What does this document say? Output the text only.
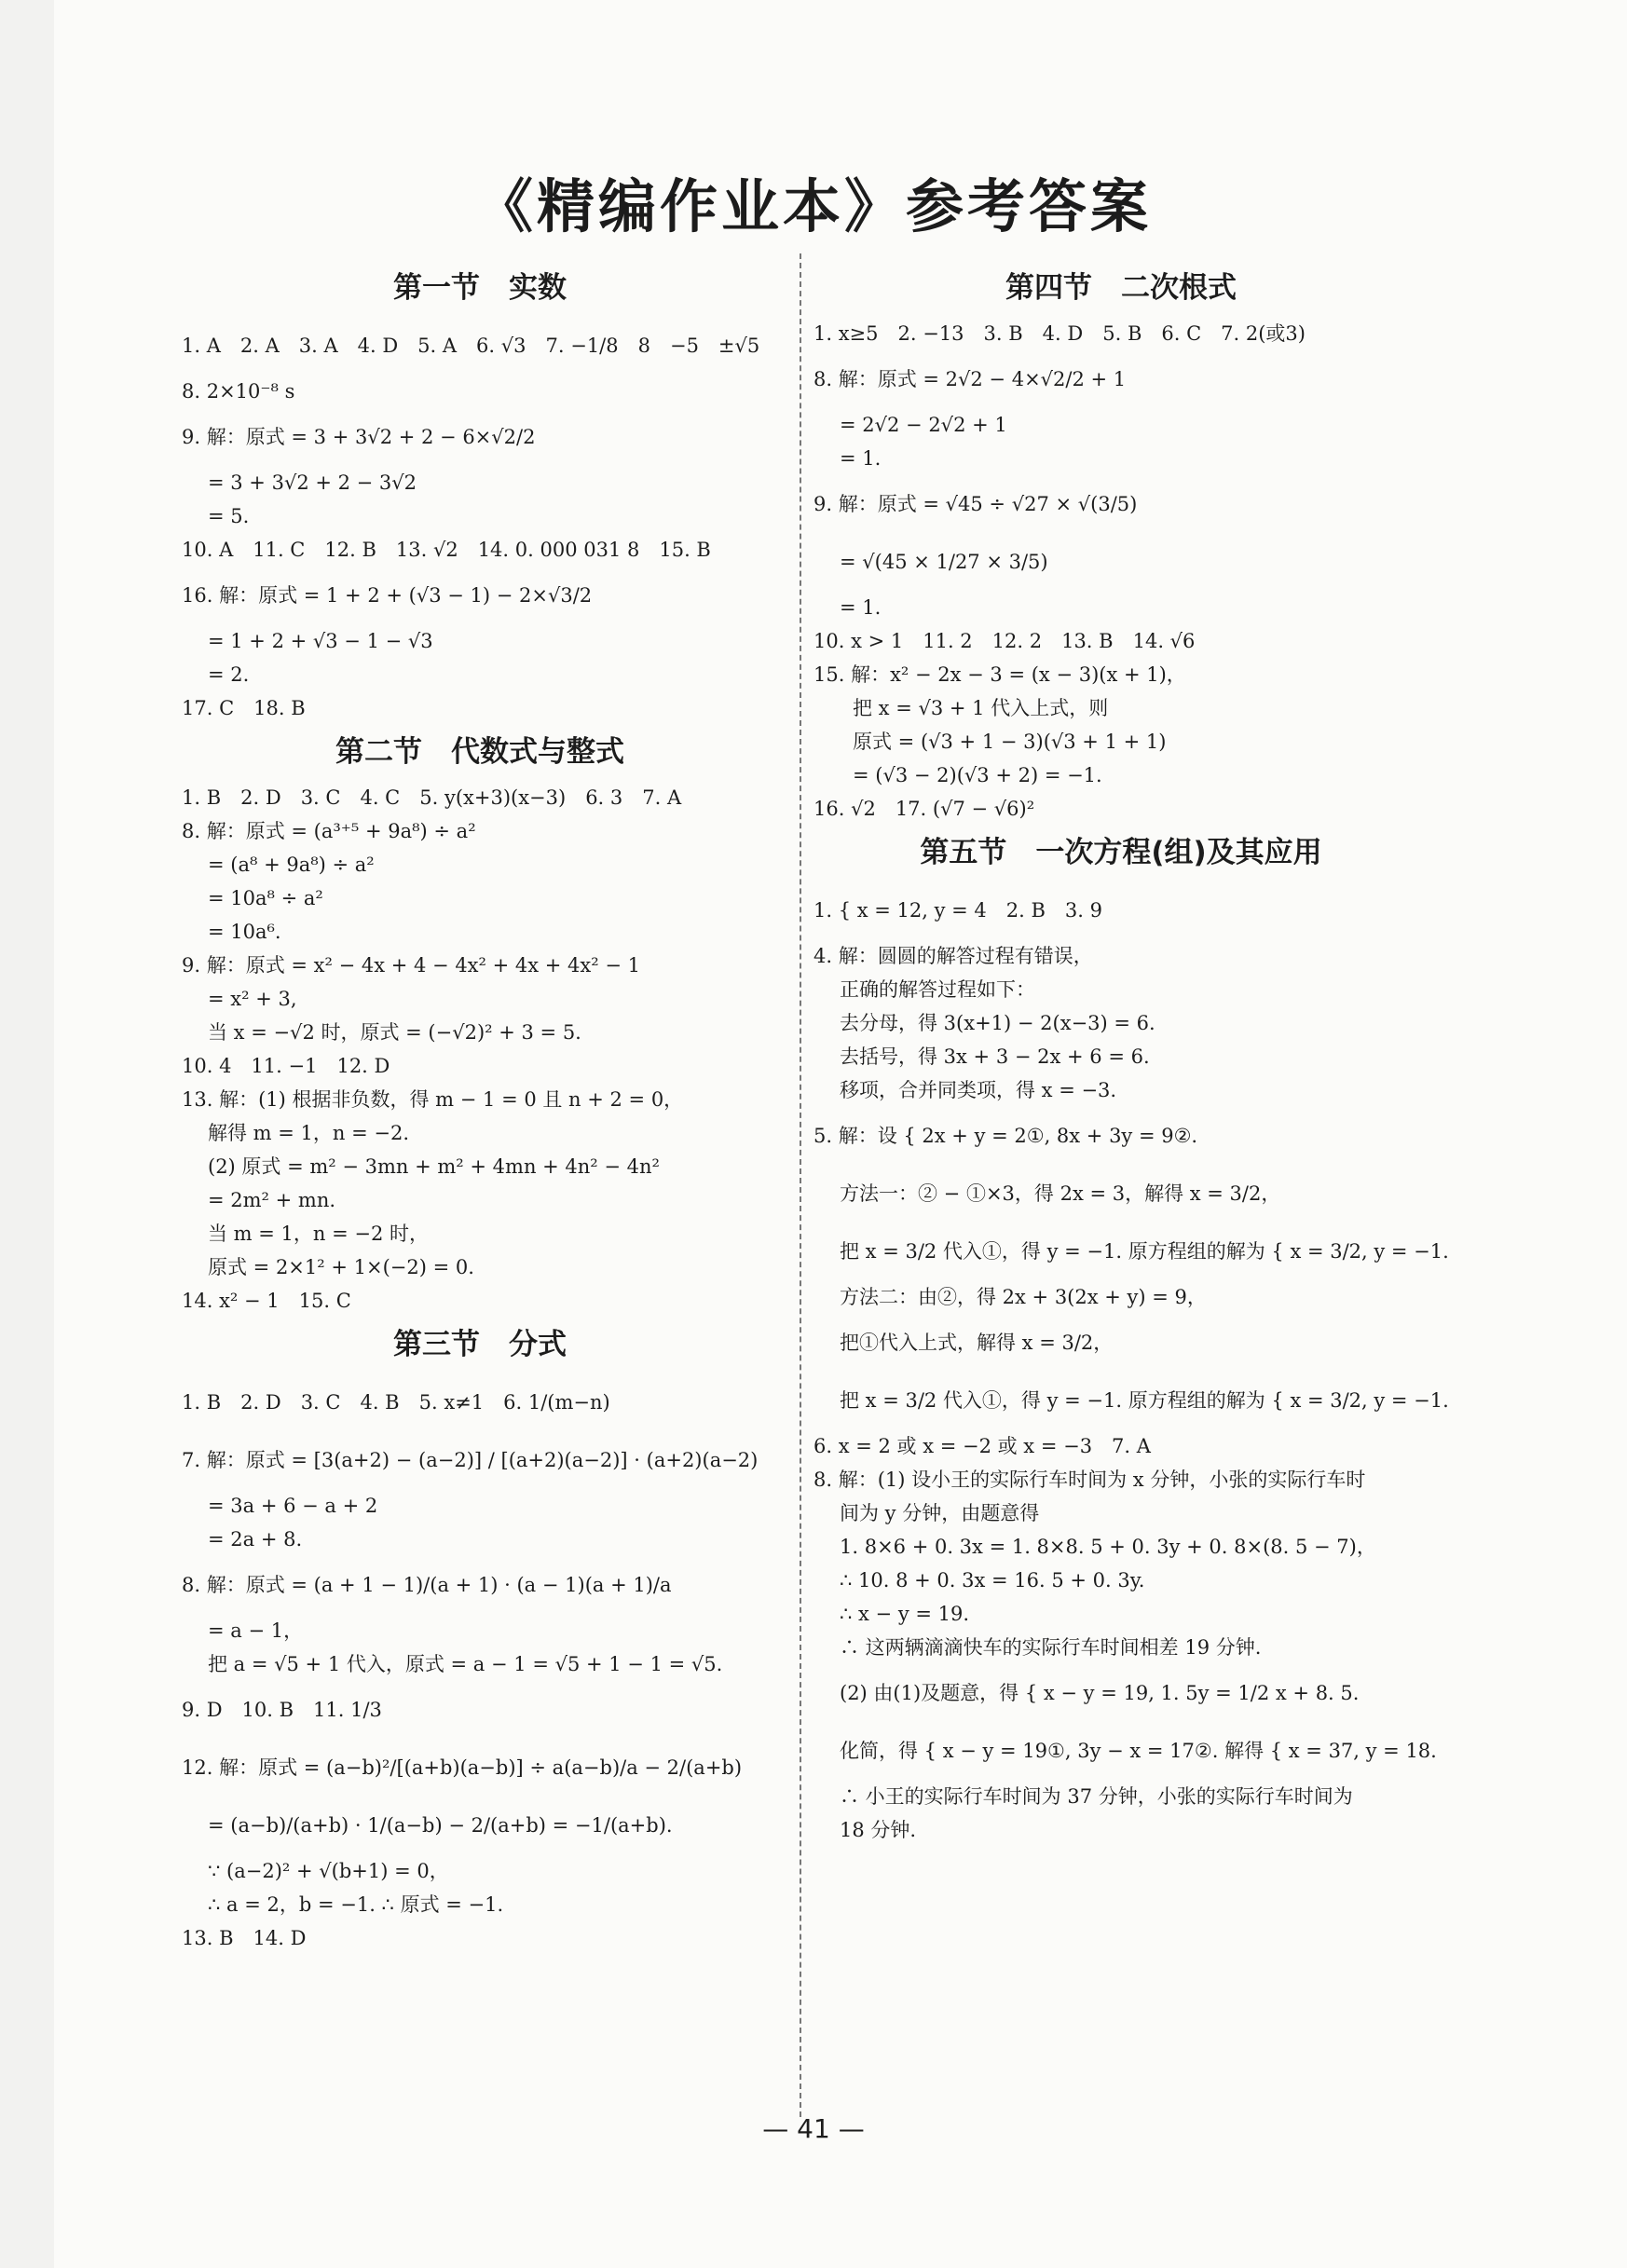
《精编作业本》参考答案
第一节　实数
1. A　2. A　3. A　4. D　5. A　6. √3　7. −1/8　8　−5　±√5
8. 2×10⁻⁸ s
9. 解：原式 = 3 + 3√2 + 2 − 6×√2/2
= 3 + 3√2 + 2 − 3√2
= 5.
10. A　11. C　12. B　13. √2　14. 0. 000 031 8　15. B
16. 解：原式 = 1 + 2 + (√3 − 1) − 2×√3/2
= 1 + 2 + √3 − 1 − √3
= 2.
17. C　18. B
第二节　代数式与整式
1. B　2. D　3. C　4. C　5. y(x+3)(x−3)　6. 3　7. A
8. 解：原式 = (a³⁺⁵ + 9a⁸) ÷ a²
= (a⁸ + 9a⁸) ÷ a²
= 10a⁸ ÷ a²
= 10a⁶.
9. 解：原式 = x² − 4x + 4 − 4x² + 4x + 4x² − 1
= x² + 3,
当 x = −√2 时，原式 = (−√2)² + 3 = 5.
10. 4　11. −1　12. D
13. 解：(1) 根据非负数，得 m − 1 = 0 且 n + 2 = 0，
解得 m = 1，n = −2.
(2) 原式 = m² − 3mn + m² + 4mn + 4n² − 4n²
= 2m² + mn.
当 m = 1，n = −2 时，
原式 = 2×1² + 1×(−2) = 0.
14. x² − 1　15. C
第三节　分式
1. B　2. D　3. C　4. B　5. x≠1　6. 1/(m−n)
7. 解：原式 = [3(a+2) − (a−2)] / [(a+2)(a−2)] · (a+2)(a−2)
= 3a + 6 − a + 2
= 2a + 8.
8. 解：原式 = (a + 1 − 1)/(a + 1) · (a − 1)(a + 1)/a
= a − 1，
把 a = √5 + 1 代入，原式 = a − 1 = √5 + 1 − 1 = √5.
9. D　10. B　11. 1/3
12. 解：原式 = (a−b)²/[(a+b)(a−b)] ÷ a(a−b)/a − 2/(a+b)
= (a−b)/(a+b) · 1/(a−b) − 2/(a+b) = −1/(a+b).
∵ (a−2)² + √(b+1) = 0，
∴ a = 2，b = −1. ∴ 原式 = −1.
13. B　14. D
第四节　二次根式
1. x≥5　2. −13　3. B　4. D　5. B　6. C　7. 2(或3)
8. 解：原式 = 2√2 − 4×√2/2 + 1
= 2√2 − 2√2 + 1
= 1.
9. 解：原式 = √45 ÷ √27 × √(3/5)
= √(45 × 1/27 × 3/5)
= 1.
10. x > 1　11. 2　12. 2　13. B　14. √6
15. 解：x² − 2x − 3 = (x − 3)(x + 1)，
把 x = √3 + 1 代入上式，则
原式 = (√3 + 1 − 3)(√3 + 1 + 1)
= (√3 − 2)(√3 + 2) = −1.
16. √2　17. (√7 − √6)²
第五节　一次方程(组)及其应用
1. { x = 12, y = 4　2. B　3. 9
4. 解：圆圆的解答过程有错误，
正确的解答过程如下：
去分母，得 3(x+1) − 2(x−3) = 6.
去括号，得 3x + 3 − 2x + 6 = 6.
移项，合并同类项，得 x = −3.
5. 解：设 { 2x + y = 2①, 8x + 3y = 9②.
方法一：② − ①×3，得 2x = 3，解得 x = 3/2，
把 x = 3/2 代入①，得 y = −1. 原方程组的解为 { x = 3/2, y = −1.
方法二：由②，得 2x + 3(2x + y) = 9，
把①代入上式，解得 x = 3/2，
把 x = 3/2 代入①，得 y = −1. 原方程组的解为 { x = 3/2, y = −1.
6. x = 2 或 x = −2 或 x = −3　7. A
8. 解：(1) 设小王的实际行车时间为 x 分钟，小张的实际行车时
间为 y 分钟，由题意得
1. 8×6 + 0. 3x = 1. 8×8. 5 + 0. 3y + 0. 8×(8. 5 − 7)，
∴ 10. 8 + 0. 3x = 16. 5 + 0. 3y.
∴ x − y = 19.
∴ 这两辆滴滴快车的实际行车时间相差 19 分钟.
(2) 由(1)及题意，得 { x − y = 19, 1. 5y = 1/2 x + 8. 5.
化简，得 { x − y = 19①, 3y − x = 17②. 解得 { x = 37, y = 18.
∴ 小王的实际行车时间为 37 分钟，小张的实际行车时间为
18 分钟.
— 41 —
